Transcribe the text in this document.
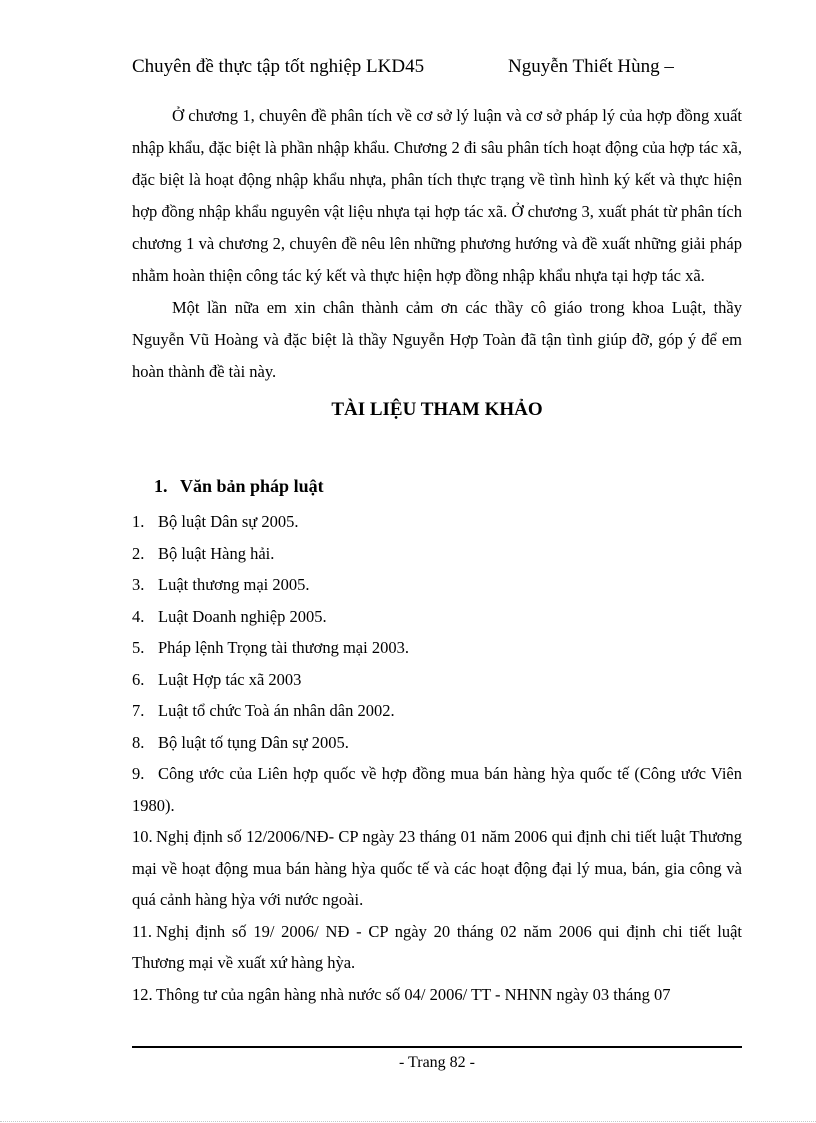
Chuyên đề thực tập tốt nghiệp LKD45	Nguyễn Thiết Hùng –

Ở chương 1, chuyên đề phân tích về cơ sở lý luận và cơ sở pháp lý của hợp đồng xuất nhập khẩu, đặc biệt là phần nhập khẩu. Chương 2 đi sâu phân tích hoạt động của hợp tác xã, đặc biệt là hoạt động nhập khẩu nhựa, phân tích thực trạng về tình hình ký kết và thực hiện hợp đồng nhập khẩu nguyên vật liệu nhựa tại hợp tác xã. Ở chương 3, xuất phát từ phân tích chương 1 và chương 2, chuyên đề nêu lên những phương hướng và đề xuất những giải pháp nhằm hoàn thiện công tác ký kết và thực hiện hợp đồng nhập khẩu nhựa tại hợp tác xã.

Một lần nữa em xin chân thành cảm ơn các thầy cô giáo trong khoa Luật, thầy Nguyễn Vũ Hoàng và đặc biệt là thầy Nguyễn Hợp Toàn đã tận tình giúp đỡ, góp ý để em hoàn thành đề tài này.

TÀI LIỆU THAM KHẢO
1. Văn bản pháp luật
1. Bộ luật Dân sự 2005.
2. Bộ luật Hàng hải.
3. Luật thương mại 2005.
4. Luật Doanh nghiệp 2005.
5. Pháp lệnh Trọng tài thương mại 2003.
6. Luật Hợp tác xã 2003
7. Luật tổ chức Toà án nhân dân 2002.
8. Bộ luật tố tụng Dân sự 2005.
9. Công ước của Liên hợp quốc về hợp đồng mua bán hàng hỳa quốc tế (Công ước Viên 1980).
10. Nghị định số 12/2006/NĐ- CP ngày 23 tháng 01 năm 2006 qui định chi tiết luật Thương mại về hoạt động mua bán hàng hỳa quốc tế và các hoạt động đại lý mua, bán, gia công và quá cảnh hàng hỳa với nước ngoài.
11. Nghị định số 19/ 2006/ NĐ - CP ngày 20 tháng 02 năm 2006 qui định chi tiết luật Thương mại về xuất xứ hàng hỳa.
12. Thông tư của ngân hàng nhà nước số 04/ 2006/ TT - NHNN ngày 03 tháng 07
- Trang 82 -
